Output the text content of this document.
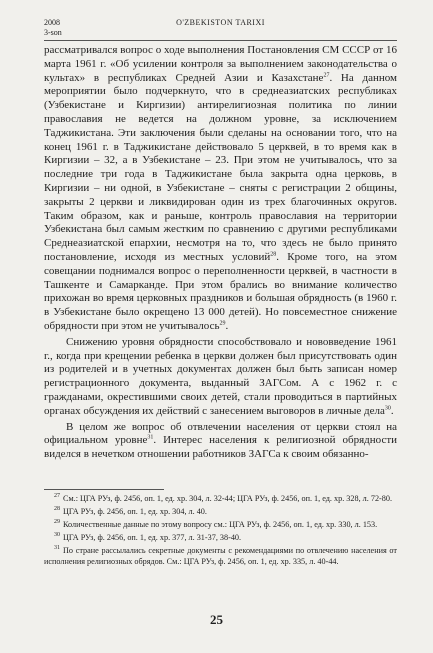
2008
3-son
O'ZBEKISTON TARIXI

рассматривался вопрос о ходе выполнения Постановления СМ СССР от 16 марта 1961 г. «Об усилении контроля за выполнением законодательства о культах» в республиках Средней Азии и Казахстане$^{27}$. На данном мероприятии было подчеркнуто, что в среднеазиатских республиках (Узбекистане и Киргизии) антирелигиозная политика по линии православия не ведется на должном уровне, за исключением Таджикистана. Эти заключения были сделаны на основании того, что на конец 1961 г. в Таджикистане действовало 5 церквей, в то время как в Киргизии – 32, а в Узбекистане – 23. При этом не учитывалось, что за последние три года в Таджикистане была закрыта одна церковь, в Киргизии – ни одной, в Узбекистане – сняты с регистрации 2 общины, закрыты 2 церкви и ликвидирован один из трех благочинных округов. Таким образом, как и раньше, контроль православия на территории Узбекистана был самым жестким по сравнению с другими республиками Среднеазиатской епархии, несмотря на то, что здесь не было принято постановление, исходя из местных условий$^{28}$. Кроме того, на этом совещании поднимался вопрос о переполненности церквей, в частности в Ташкенте и Самарканде. При этом брались во внимание количество прихожан во время церковных праздников и большая обрядность (в 1960 г. в Узбекистане было окрещено 13 000 детей). Но повсеместное снижение обрядности при этом не учитывалось$^{29}$.

Снижению уровня обрядности способствовало и нововведение 1961 г., когда при крещении ребенка в церкви должен был присутствовать один из родителей и в учетных документах должен был быть записан номер регистрационного документа, выданный ЗАГСом. А с 1962 г. с гражданами, окрестившими своих детей, стали проводиться в партийных органах обсуждения их действий с занесением выговоров в личные дела$^{30}$.

В целом же вопрос об отвлечении населения от церкви стоял на официальном уровне$^{31}$. Интерес населения к религиозной обрядности виделся в нечетком отношении работников ЗАГСа к своим обязанно-

$^{27}$ См.: ЦГА РУз, ф. 2456, оп. 1, ед. хр. 304, л. 32-44; ЦГА РУз, ф. 2456, оп. 1, ед. хр. 328, л. 72-80.

$^{28}$ ЦГА РУз, ф. 2456, оп. 1, ед. хр. 304, л. 40.

$^{29}$ Количественные данные по этому вопросу см.: ЦГА РУз, ф. 2456, оп. 1, ед. хр. 330, л. 153.

$^{30}$ ЦГА РУз, ф. 2456, оп. 1, ед. хр. 377, л. 31-37, 38-40.

$^{31}$ По стране рассылались секретные документы с рекомендациями по отвлечению населения от исполнения религиозных обрядов. См.: ЦГА РУз, ф. 2456, оп. 1, ед. хр. 335, л. 40-44.

25
